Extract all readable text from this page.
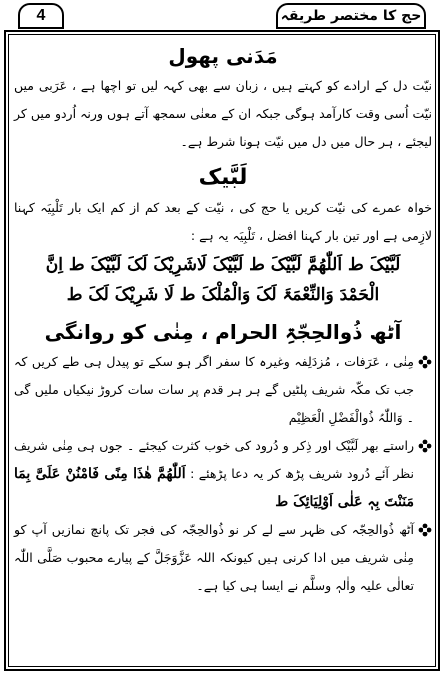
حج کا مختصر طریقہ
4
مَدَنی پھول

نیّت دل کے ارادے کو کہتے ہیں ، زبان سے بھی کہہ لیں تو اچھا ہے ، عَرَبی میں نیّت اُسی وقت کارآمد ہوگی جبکہ ان کے معنٰی سمجھ آتے ہوں ورنہ اُردو میں کر لیجئے ، ہر حال میں دل میں نیّت ہونا شرط ہے۔

لَبَّیک

خواہ عمرے کی نیّت کریں یا حج کی ، نیّت کے بعد کم از کم ایک بار تَلْبِیَہ کہنا لازِمی ہے اور تین بار کہنا افضل ، تَلْبِیَہ یہ ہے :

لَبَّیْکَ ط اَللّٰھُمَّ لَبَّیْکَ ط لَبَّیْکَ لَاشَرِیْکَ لَکَ لَبَّیْکَ ط اِنَّ

الْحَمْدَ وَالنِّعْمَۃَ لَکَ وَالْمُلْکَ ط لَا شَرِیْکَ لَکَ ط

آٹھ ذُوالحِجّۃِ الحرام ، مِنٰی کو روانگی

مِنٰی ، عَرَفات ، مُزدَلِفہ وغیرہ کا سفر اگر ہو سکے تو پیدل ہی طے کریں کہ جب تک مکّہ شریف پلٹیں گے ہر ہر قدم پر سات سات کروڑ نیکیاں ملیں گی ۔ وَاللّٰہُ ذُوالْفَضْلِ الْعَظِیْم

راستے بھر لَبَّیْک اور ذِکر و دُرود کی خوب کثرت کیجئے ۔ جوں ہی مِنٰی شریف نظر آئے دُرود شریف پڑھ کر یہ دعا پڑھئے : اَللّٰھُمَّ ھٰذَا مِنًی فَامْنُنْ عَلَیَّ بِمَا مَنَنْتَ بِہٖ عَلٰی اَوْلِیَائِکَ ط

آٹھ ذُوالحِجّہ کی ظہر سے لے کر نو ذُوالحِجّہ کی فجر تک پانچ نمازیں آپ کو مِنٰی شریف میں ادا کرنی ہیں کیونکہ اللہ عَزَّوَجَلَّ کے پیارے محبوب صَلَّی اللّٰہ تعالٰی علیہ واٰلہٖ وسلَّم نے ایسا ہی کیا ہے۔
